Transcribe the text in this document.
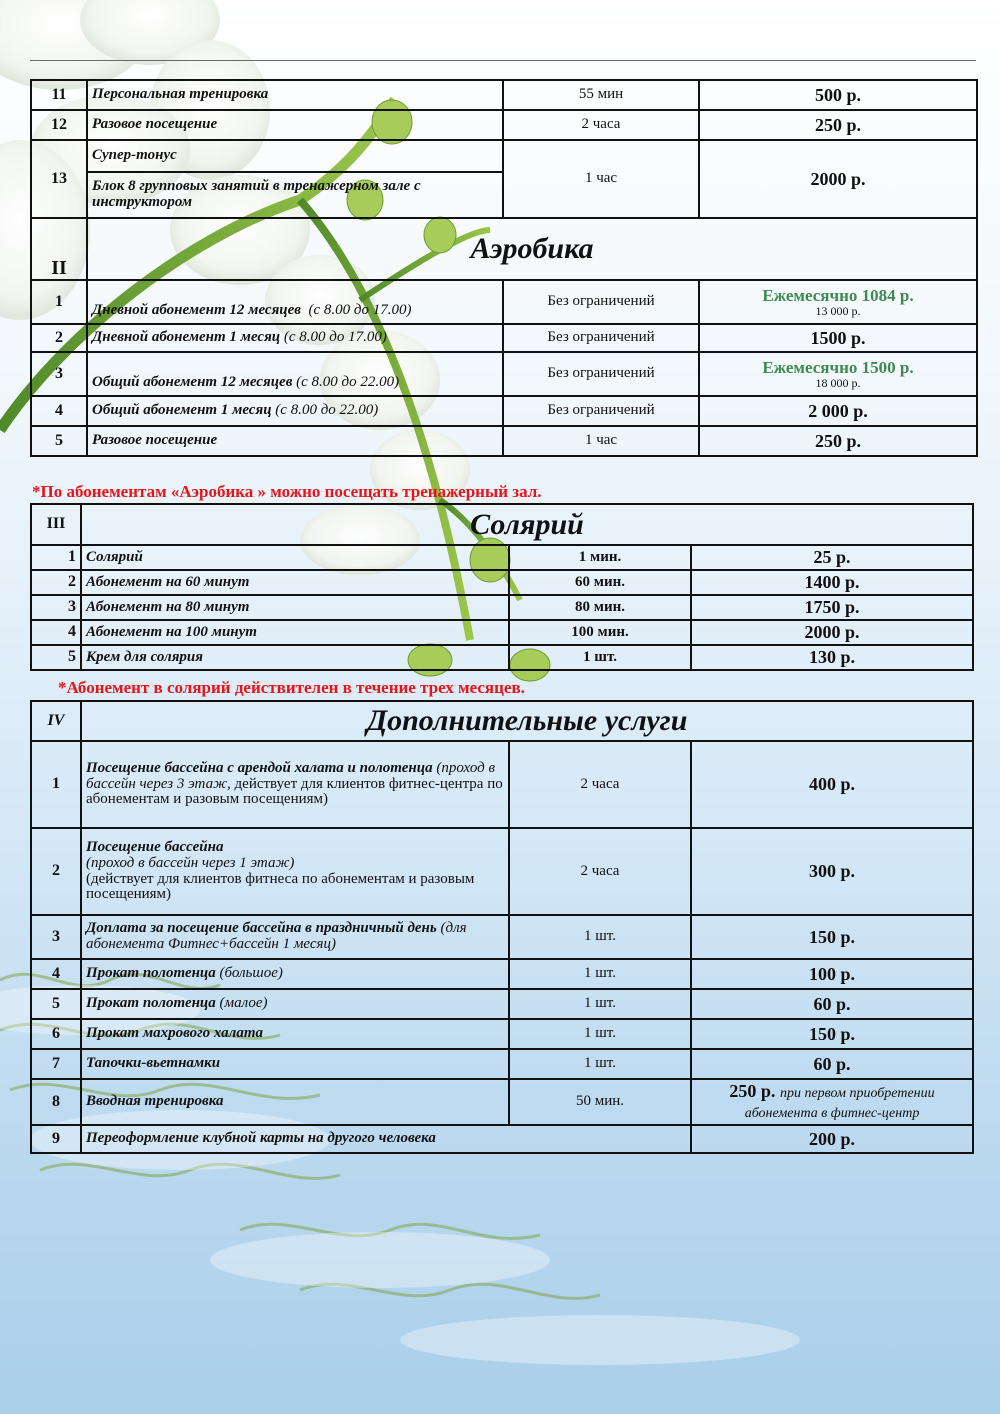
11	Персональная тренировка	55 мин	500 р.
12	Разовое посещение	2 часа	250 р.
13	Супер-тонус	1 час	2000 р.
	Блок 8 групповых занятий в тренажерном зале с инструктором		
II	Аэробика		
1	Дневной абонемент 12 месяцев (с 8.00 до 17.00)	Без ограничений	Ежемесячно 1084 р.
13 000 р.

2	Дневной абонемент 1 месяц (с 8.00 до 17.00)	Без ограничений	1500 р.
3	Общий абонемент 12 месяцев (с 8.00 до 22.00)	Без ограничений	Ежемесячно 1500 р.
18 000 р.

4	Общий абонемент 1 месяц (с 8.00 до 22.00)	Без ограничений	2 000 р.
5	Разовое посещение	1 час	250 р.

*По абонементам «Аэробика » можно посещать тренажерный зал.

III	Солярий		
1	Солярий	1 мин.	25 р.
2	Абонемент на 60 минут	60 мин.	1400 р.
3	Абонемент на 80 минут	80 мин.	1750 р.
4	Абонемент на 100 минут	100 мин.	2000 р.
5	Крем для солярия	1 шт.	130 р.

*Абонемент в солярий действителен в течение трех месяцев.

IV	Дополнительные услуги		
1	Посещение бассейна с арендой халата и полотенца (проход в бассейн через 3 этаж, действует для клиентов фитнес-центра по абонементам и разовым посещениям)	2 часа	400 р.
2	Посещение бассейна
(проход в бассейн через 1 этаж)
(действует для клиентов фитнеса по абонементам и разовым посещениям)	2 часа	300 р.
3	Доплата за посещение бассейна в праздничный день (для абонемента Фитнес+бассейн 1 месяц)	1 шт.	150 р.
4	Прокат полотенца (большое)	1 шт.	100 р.
5	Прокат полотенца (малое)	1 шт.	60 р.
6	Прокат махрового халата	1 шт.	150 р.
7	Тапочки-вьетнамки	1 шт.	60 р.
8	Вводная тренировка	50 мин.	250 р. при первом приобретении
абонемента в фитнес-центр
9	Переоформление клубной карты на другого человека		200 р.
